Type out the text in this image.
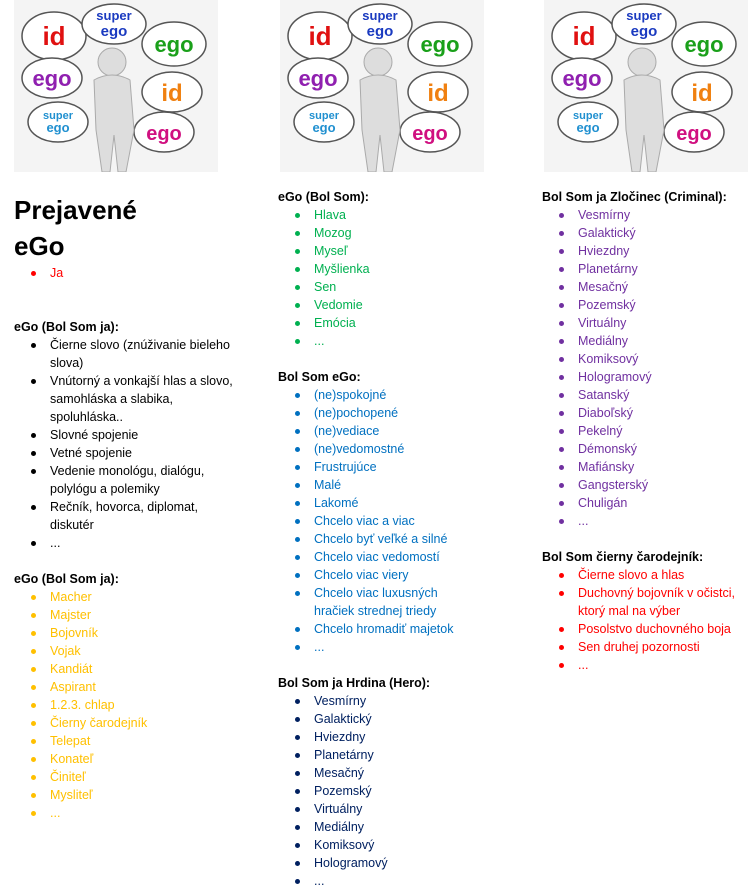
id
super
ego
ego
ego
id
super
ego	ego
id
super
ego
ego
ego
id
super
ego	ego
id
super
ego
ego
ego
id
super
ego	ego
Prejavené eGo
Ja

eGo (Bol Som ja):

Čierne slovo (znúživanie bieleho slova)
Vnútorný a vonkajší hlas a slovo, samohláska a slabika, spoluhláska..
Slovné spojenie
Vetné spojenie
Vedenie monológu, dialógu, polylógu a polemiky
Rečník, hovorca, diplomat, diskutér
...

eGo (Bol Som ja):

Macher
Majster
Bojovník
Vojak
Kandiát
Aspirant
1.2.3. chlap
Čierny čarodejník
Telepat
Konateľ
Činiteľ
Mysliteľ
...

eGo (Bol Som):

Hlava
Mozog
Myseľ
Myšlienka
Sen
Vedomie
Emócia
...

Bol Som eGo:

(ne)spokojné
(ne)pochopené
(ne)vediace
(ne)vedomostné
Frustrujúce
Malé
Lakomé
Chcelo viac a viac
Chcelo byť veľké a silné
Chcelo viac vedomostí
Chcelo viac viery
Chcelo viac luxusných hračiek strednej triedy
Chcelo hromadiť majetok
...

Bol Som ja Hrdina (Hero):

Vesmírny
Galaktický
Hviezdny
Planetárny
Mesačný
Pozemský
Virtuálny
Mediálny
Komiksový
Hologramový
...

Bol Som ja Zločinec (Criminal):

Vesmírny
Galaktický
Hviezdny
Planetárny
Mesačný
Pozemský
Virtuálny
Mediálny
Komiksový
Hologramový
Satanský
Diaboľský
Pekelný
Démonský
Mafiánsky
Gangsterský
Chuligán
...

Bol Som čierny čarodejník:

Čierne slovo a hlas
Duchovný bojovník v očistci, ktorý mal na výber
Posolstvo duchovného boja
Sen druhej pozornosti
...
